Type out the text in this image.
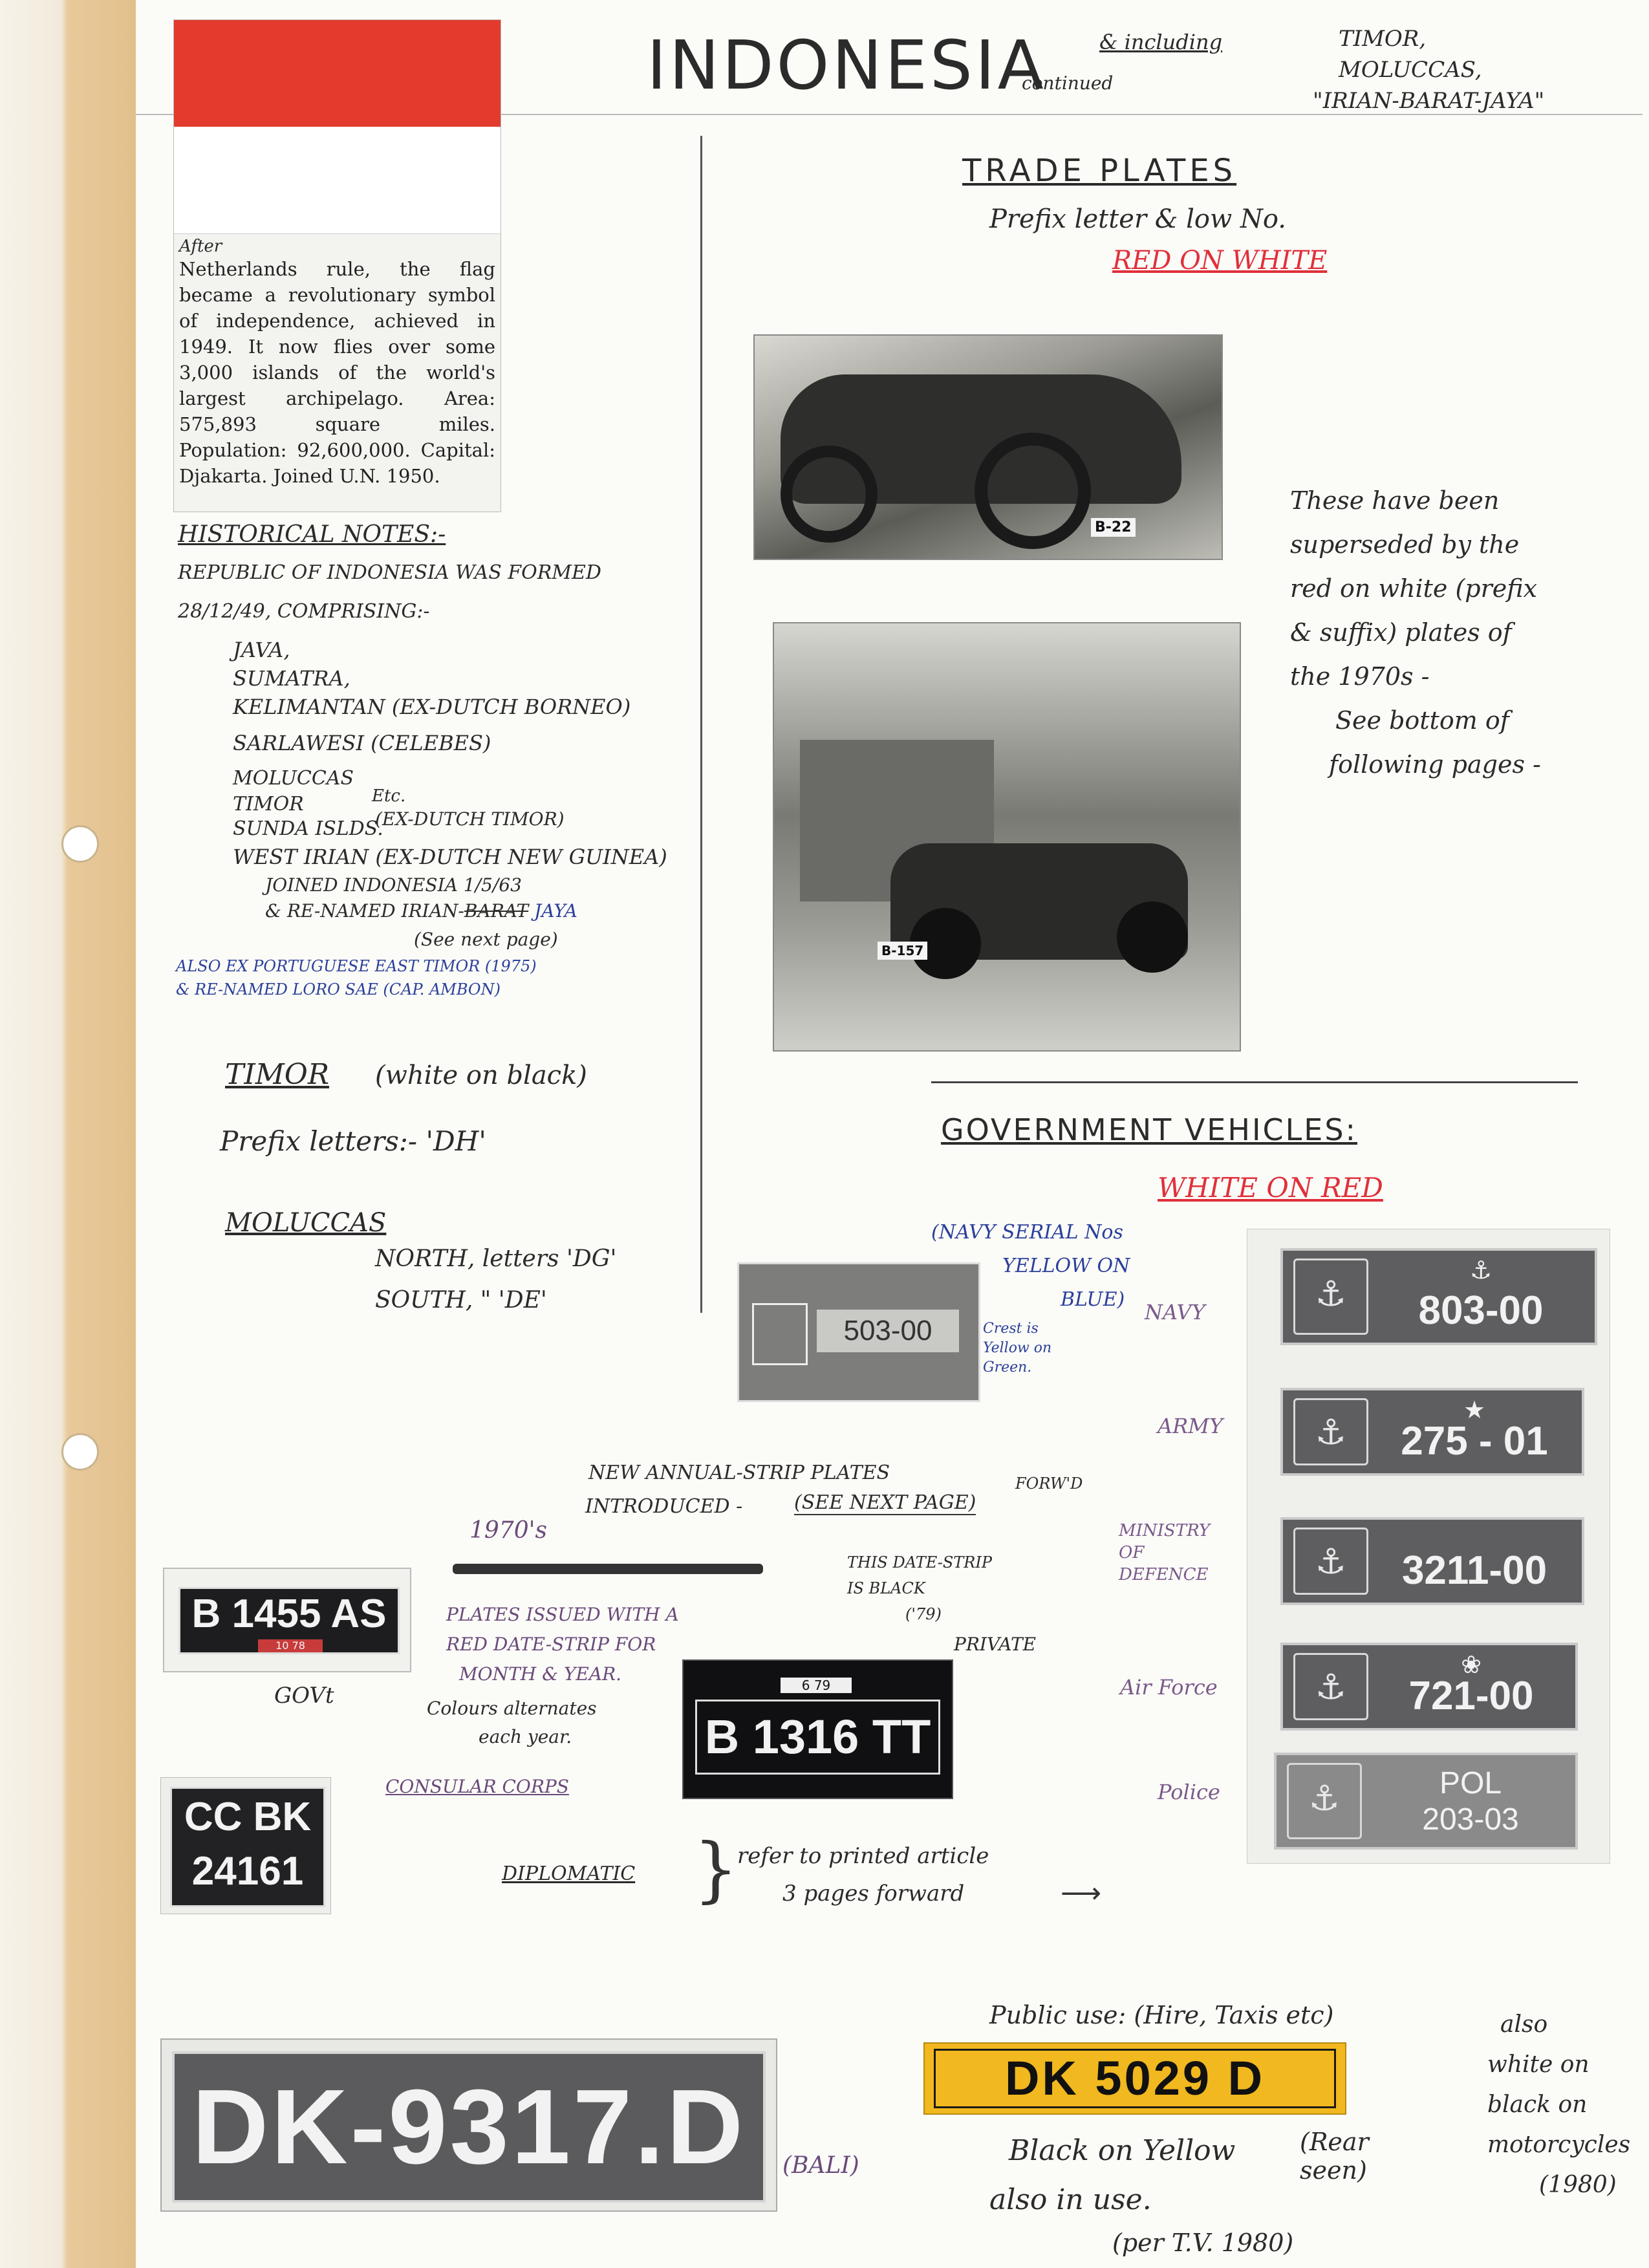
INDONESIA
continued
& including	TIMOR,
MOLUCCAS,
"IRIAN-BARAT-JAYA"
After
Netherlands rule, the flag became a revolutionary symbol of independence, achieved in 1949. It now flies over some 3,000 islands of the world's largest archipelago. Area: 575,893 square miles. Population: 92,600,000. Capital: Djakarta. Joined U.N. 1950.
HISTORICAL NOTES:-
REPUBLIC OF INDONESIA WAS FORMED
28/12/49, COMPRISING:-
JAVA,
SUMATRA,
KELIMANTAN (EX-DUTCH BORNEO)
SARLAWESI (CELEBES)
MOLUCCAS
TIMOR
SUNDA ISLDS.
Etc.
(EX-DUTCH TIMOR)
WEST IRIAN (EX-DUTCH NEW GUINEA)
JOINED INDONESIA 1/5/63
& RE-NAMED IRIAN-BARAT JAYA
(See next page)
ALSO EX PORTUGUESE EAST TIMOR (1975)
& RE-NAMED LORO SAE (CAP. AMBON)
TIMOR (white on black)
Prefix letters:- 'DH'
MOLUCCAS
NORTH, letters 'DG'
SOUTH, " 'DE'
TRADE PLATES
Prefix letter & low No.
RED ON WHITE
B-22
B-157
These have been
superseded by the
red on white (prefix
& suffix) plates of
the 1970s -
See bottom of
following pages -
GOVERNMENT VEHICLES:
WHITE ON RED
(NAVY SERIAL Nos
YELLOW ON
BLUE)
Crest is
Yellow on
Green.
503-00
NAVY
ARMY
MINISTRY OF DEFENCE
Air Force
Police
⚓
⚓
803-00
⚓
★
275 - 01
⚓
3211-00
⚓
❀
721-00
⚓
POL 203-03
NEW ANNUAL-STRIP PLATES
INTRODUCED -	(SEE NEXT PAGE)
FORW'D
1970's
PLATES ISSUED WITH A
RED DATE-STRIP FOR
MONTH & YEAR.
Colours alternates
each year.
THIS DATE-STRIP
IS BLACK
('79)
PRIVATE
GOVt
B 1455 AS
10 78
6 79
B 1316 TT
CONSULAR CORPS
CC BK
24161	DIPLOMATIC }
refer to printed article
3 pages forward	⟶
Public use: (Hire, Taxis etc)
DK 5029 D
Black on Yellow	(Rear seen)
also in use.
(per T.V. 1980)
also
white on
black on
motorcycles
(1980)
DK-9317.D	(BALI)
